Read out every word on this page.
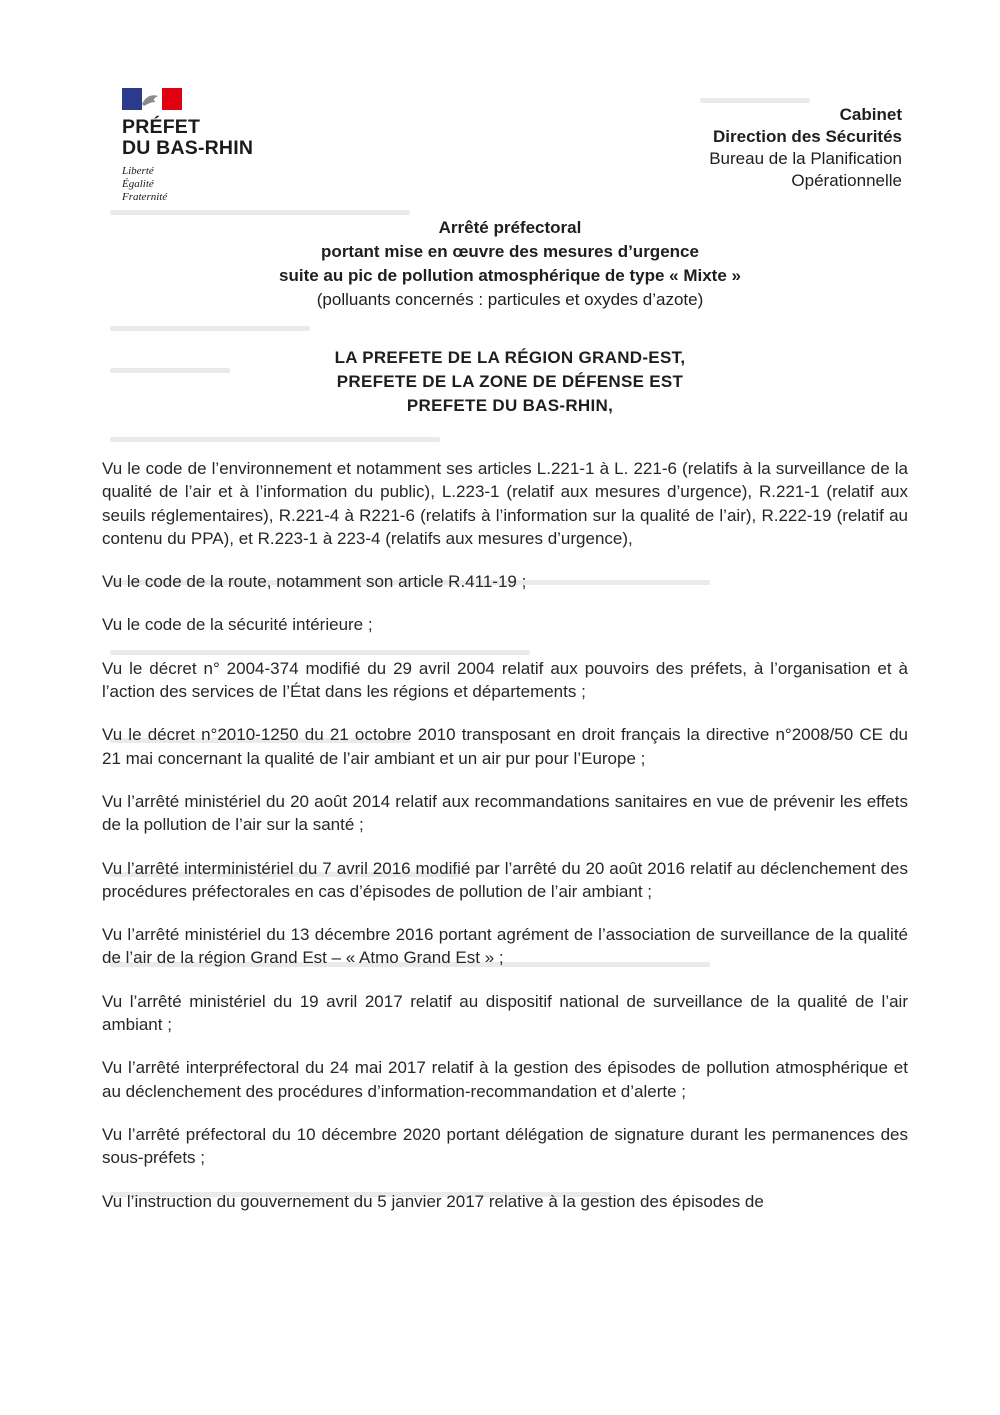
PRÉFET
DU BAS-RHIN
Liberté
Égalité
Fraternité
Cabinet
Direction des Sécurités
Bureau de la Planification
Opérationnelle
Arrêté préfectoral
portant mise en œuvre des mesures d’urgence
suite au pic de pollution atmosphérique de type « Mixte »
(polluants concernés : particules et oxydes d’azote)
LA PREFETE DE LA RÉGION GRAND-EST,
PREFETE DE LA ZONE DE DÉFENSE EST
PREFETE DU BAS-RHIN,

Vu le code de l’environnement et notamment ses articles L.221-1 à L. 221-6 (relatifs à la surveillance de la qualité de l’air et à l’information du public), L.223-1 (relatif aux mesures d’urgence), R.221-1 (relatif aux seuils réglementaires), R.221-4 à R221-6 (relatifs à l’information sur la qualité de l’air), R.222-19 (relatif au contenu du PPA), et R.223-1 à 223-4 (relatifs aux mesures d’urgence),

Vu le code de la route, notamment son article R.411-19 ;

Vu le code de la sécurité intérieure ;

Vu le décret n° 2004-374 modifié du 29 avril 2004 relatif aux pouvoirs des préfets, à l’organisation et à l’action des services de l’État dans les régions et départements ;

Vu le décret n°2010-1250 du 21 octobre 2010 transposant en droit français la directive n°2008/50 CE du 21 mai concernant la qualité de l’air ambiant et un air pur pour l’Europe ;

Vu l’arrêté ministériel du 20 août 2014 relatif aux recommandations sanitaires en vue de prévenir les effets de la pollution de l’air sur la santé ;

Vu l’arrêté interministériel du 7 avril 2016 modifié par l’arrêté du 20 août 2016 relatif au déclenchement des procédures préfectorales en cas d’épisodes de pollution de l’air ambiant ;

Vu l’arrêté ministériel du 13 décembre 2016 portant agrément de l’association de surveillance de la qualité de l’air de la région Grand Est – « Atmo Grand Est » ;

Vu l’arrêté ministériel du 19 avril 2017 relatif au dispositif national de surveillance de la qualité de l’air ambiant ;

Vu l’arrêté interpréfectoral du 24 mai 2017 relatif à la gestion des épisodes de pollution atmosphérique et au déclenchement des procédures d’information-recommandation et d’alerte ;

Vu l’arrêté préfectoral du 10 décembre 2020 portant délégation de signature durant les permanences des sous-préfets ;

Vu l’instruction du gouvernement du 5 janvier 2017 relative à la gestion des épisodes de
